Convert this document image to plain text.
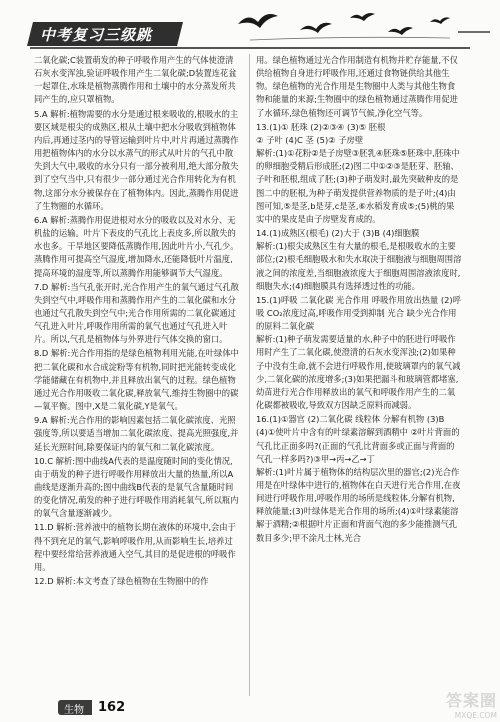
中考复习三级跳

二氧化碳;C装置萌发的种子呼吸作用产生的气体使澄清石灰水变浑浊,验证呼吸作用产生二氧化碳;D装置连花盆一起罩住,水珠是植物蒸腾作用和土壤中的水分蒸发所共同产生的,应只罩植物。

5.A 解析:植物需要的水分是通过根来吸收的,根吸水的主要区域是根尖的成熟区,根从土壤中把水分吸收到植物体内后,再通过茎内的导管运输到叶片中,叶片再通过蒸腾作用把植物体内的水分以水蒸气的形式从叶片的气孔中散失到大气中,吸收的水分只有一部分被利用,绝大部分散失到了空气当中,只有很少一部分通过光合作用转化为有机物,这部分水分被保存在了植物体内。因此,蒸腾作用促进了生物圈的水循环。

6.A 解析:蒸腾作用促进根对水分的吸收以及对水分、无机盐的运输。叶片下表皮的气孔比上表皮多,所以散失的水也多。干旱地区要降低蒸腾作用,因此叶片小,气孔少。蒸腾作用可提高空气湿度,增加降水,还能降低叶片温度,提高环境的湿度等,所以蒸腾作用能够调节大气湿度。

7.D 解析:当气孔张开时,光合作用产生的氧气通过气孔散失到空气中,呼吸作用和蒸腾作用产生的二氧化碳和水分也通过气孔散失到空气中;光合作用所需的二氧化碳通过气孔进入叶片,呼吸作用所需的氧气也通过气孔进入叶片。所以,气孔是植物体与外界进行气体交换的窗口。

8.D 解析:光合作用指的是绿色植物利用光能,在叶绿体中把二氧化碳和水合成淀粉等有机物,同时把光能转变成化学能储藏在有机物中,并且释放出氧气的过程。绿色植物通过光合作用吸收二氧化碳,释放氧气,维持生物圈中的碳—氧平衡。图中,X是二氧化碳,Y是氧气。

9.A 解析:光合作用的影响因素包括二氧化碳浓度、光照强度等,所以要适当增加二氧化碳浓度、提高光照强度,并延长光照时间,除要保证内的氧气和二氧化碳浓度。

10.C 解析:图中曲线A代表的是温度随时间的变化情况,由于萌发的种子进行呼吸作用释放出大量的热量,所以A曲线是逐渐升高的;图中曲线B代表的是氧气含量随时间的变化情况,萌发的种子进行呼吸作用消耗氧气,所以瓶内的氧气含量逐渐减少。

11.D 解析:营养液中的植物长期在液体的环境中,会由于得不到充足的氧气,影响呼吸作用,从而影响生长,培养过程中要经常给营养液通入空气,其目的是促进根的呼吸作用。

12.D 解析:本文考查了绿色植物在生物圈中的作

用。绿色植物通过光合作用制造有机物并贮存能量,不仅供给植物自身进行呼吸作用,还通过食物链供给其他生物。绿色植物的光合作用是生物圈中人类与其他生物食物和能量的来源;生物圈中的绿色植物通过蒸腾作用促进了水循环,绿色植物还可调节气候,净化空气等。

13.(1)① 胚珠 (2)②③④ (3)⑤ 胚根

② 子叶 (4)C 茎 (5)② 子房壁

解析:(1)①花粉②是子房壁③胚乳④胚珠⑤胚珠中,胚珠中的卵细胞受精后形成胚;(2)图二中①②③是胚芽、胚轴、子叶和胚根,组成了胚;(3)种子萌发时,最先突破种皮的是图二中的胚根,为种子萌发提供营养物质的是子叶;(4)由图可知,⑤是茎,b是芽,c是茎,⑥水稻发育成⑤;(5)桃的果实中的果皮是由子房壁发育成的。

14.(1)成熟区(根毛) (2)大于 (3)B (4)细胞膜

解析:(1)根尖成熟区生有大量的根毛,是根吸收水的主要部位;(2)根毛细胞吸水和失水取决于细胞液与细胞周围溶液之间的浓度差,当细胞液浓度大于细胞周围溶液浓度时,细胞失水;(4)细胞膜具有选择透过性的功能。

15.(1)呼吸 二氧化碳 光合作用 呼吸作用放出热量 (2)呼吸 CO₂浓度过高,呼吸作用受到抑制 光合 缺少光合作用的原料二氧化碳

解析:(1)种子萌发需要适量的水,种子中的胚进行呼吸作用时产生了二氧化碳,使澄清的石灰水变浑浊;(2)如果种子中没有生命,就不会进行呼吸作用,使玻璃罩内的氧气减少,二氧化碳的浓度增多;(3)如果把漏斗和玻璃管都堵塞,幼苗进行光合作用释放出的氧气和呼吸作用产生的二氧化碳都被吸收,导致双方因缺乏原料而减弱。

16.(1)①器官 (2)二氧化碳 线粒体 分解有机物 (3)B

(4)①使叶片中含有的叶绿素溶解到酒精中 ②叶片背面的气孔比正面多吗?(正面的气孔比背面多或正面与背面的气孔一样多吗?)③甲→丙→乙→丁

解析:(1)叶片属于植物体的结构层次里的器官;(2)光合作用是在叶绿体中进行的,植物体在白天进行光合作用,在夜间进行呼吸作用,呼吸作用的场所是线粒体,分解有机物,释放能量;(3)叶绿体是光合作用的场所;(4)①叶绿素能溶解于酒精;②根据叶片正面和背面气泡的多少能推测气孔数目多少;甲不涂凡士林,光合

生物 162	答案圈
MXQE.COM
